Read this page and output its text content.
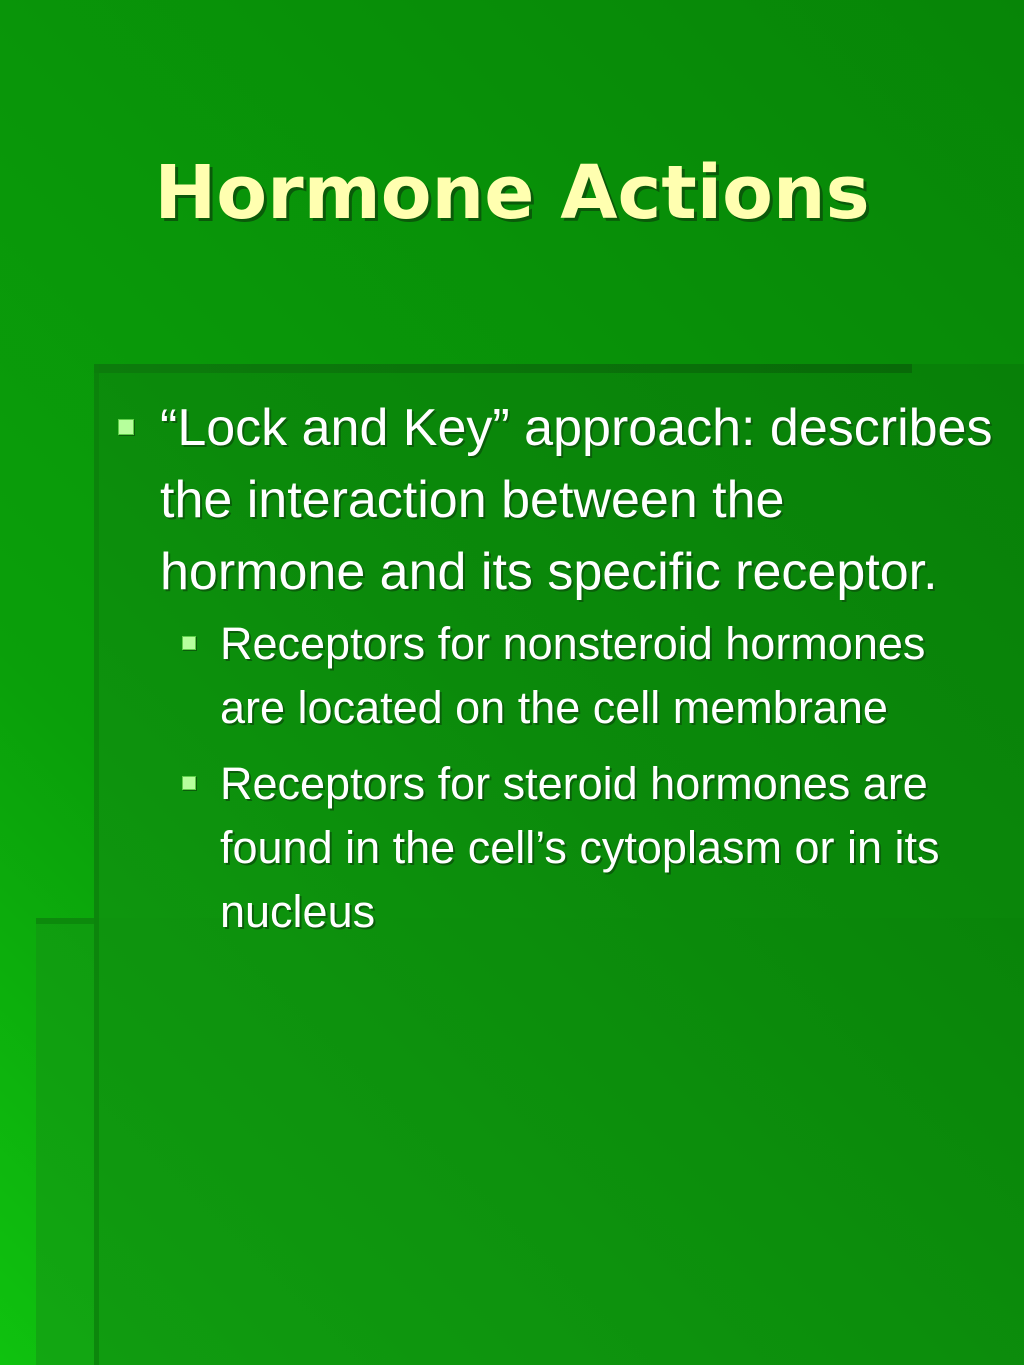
Hormone Actions
“Lock and Key” approach: describes the interaction between the hormone and its specific receptor.
Receptors for nonsteroid hormones are located on the cell membrane
Receptors for steroid hormones are found in the cell’s cytoplasm or in its nucleus
